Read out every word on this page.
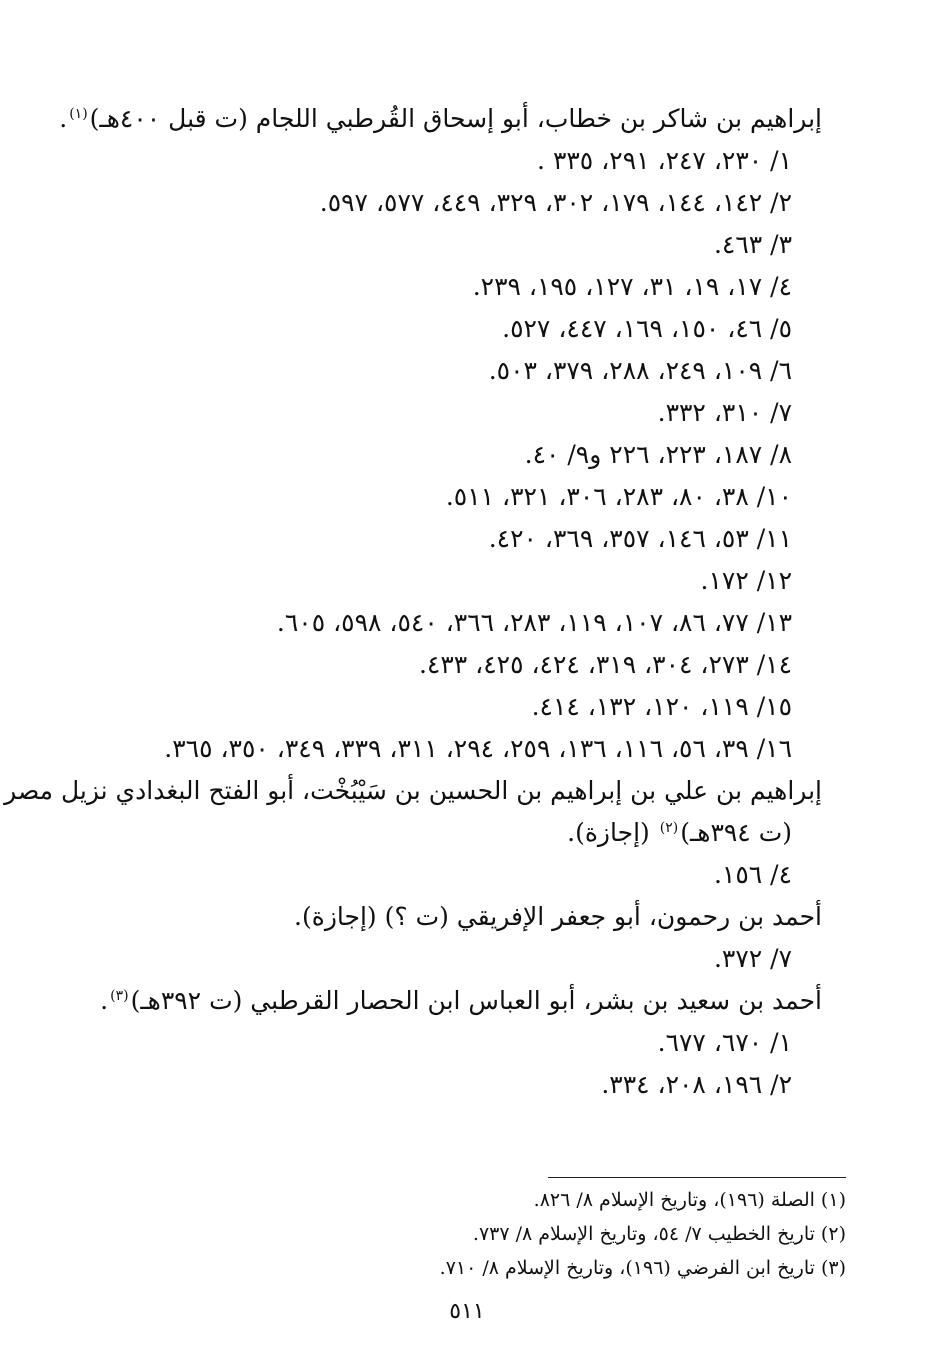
إبراهيم بن شاكر بن خطاب، أبو إسحاق القُرطبي اللجام (ت قبل ٤٠٠هـ)$^{(١)}$.
١/ ٢٣٠، ٢٤٧، ٢٩١، ٣٣٥ .
٢/ ١٤٢، ١٤٤، ١٧٩، ٣٠٢، ٣٢٩، ٤٤٩، ٥٧٧، ٥٩٧.
٣/ ٤٦٣.
٤/ ١٧، ١٩، ٣١، ١٢٧، ١٩٥، ٢٣٩.
٥/ ٤٦، ١٥٠، ١٦٩، ٤٤٧، ٥٢٧.
٦/ ١٠٩، ٢٤٩، ٢٨٨، ٣٧٩، ٥٠٣.
٧/ ٣١٠، ٣٣٢.
٨/ ١٨٧، ٢٢٣، ٢٢٦ و٩/ ٤٠.
١٠/ ٣٨، ٨٠، ٢٨٣، ٣٠٦، ٣٢١، ٥١١.
١١/ ٥٣، ١٤٦، ٣٥٧، ٣٦٩، ٤٢٠.
١٢/ ١٧٢.
١٣/ ٧٧، ٨٦، ١٠٧، ١١٩، ٢٨٣، ٣٦٦، ٥٤٠، ٥٩٨، ٦٠٥.
١٤/ ٢٧٣، ٣٠٤، ٣١٩، ٤٢٤، ٤٢٥، ٤٣٣.
١٥/ ١١٩، ١٢٠، ١٣٢، ٤١٤.
١٦/ ٣٩، ٥٦، ١١٦، ١٣٦، ٢٥٩، ٢٩٤، ٣١١، ٣٣٩، ٣٤٩، ٣٥٠، ٣٦٥.
إبراهيم بن علي بن إبراهيم بن الحسين بن سَيْبُخْت، أبو الفتح البغدادي نزيل مصر
(ت ٣٩٤هـ)$^{(٢)}$ (إجازة).
٤/ ١٥٦.
أحمد بن رحمون، أبو جعفر الإفريقي (ت ؟) (إجازة).
٧/ ٣٧٢.
أحمد بن سعيد بن بشر، أبو العباس ابن الحصار القرطبي (ت ٣٩٢هـ)$^{(٣)}$.
١/ ٦٧٠، ٦٧٧.
٢/ ١٩٦، ٢٠٨، ٣٣٤.
(١) الصلة (١٩٦)، وتاريخ الإسلام ٨/ ٨٢٦.
(٢) تاريخ الخطيب ٧/ ٥٤، وتاريخ الإسلام ٨/ ٧٣٧.
(٣) تاريخ ابن الفرضي (١٩٦)، وتاريخ الإسلام ٨/ ٧١٠.
٥١١
